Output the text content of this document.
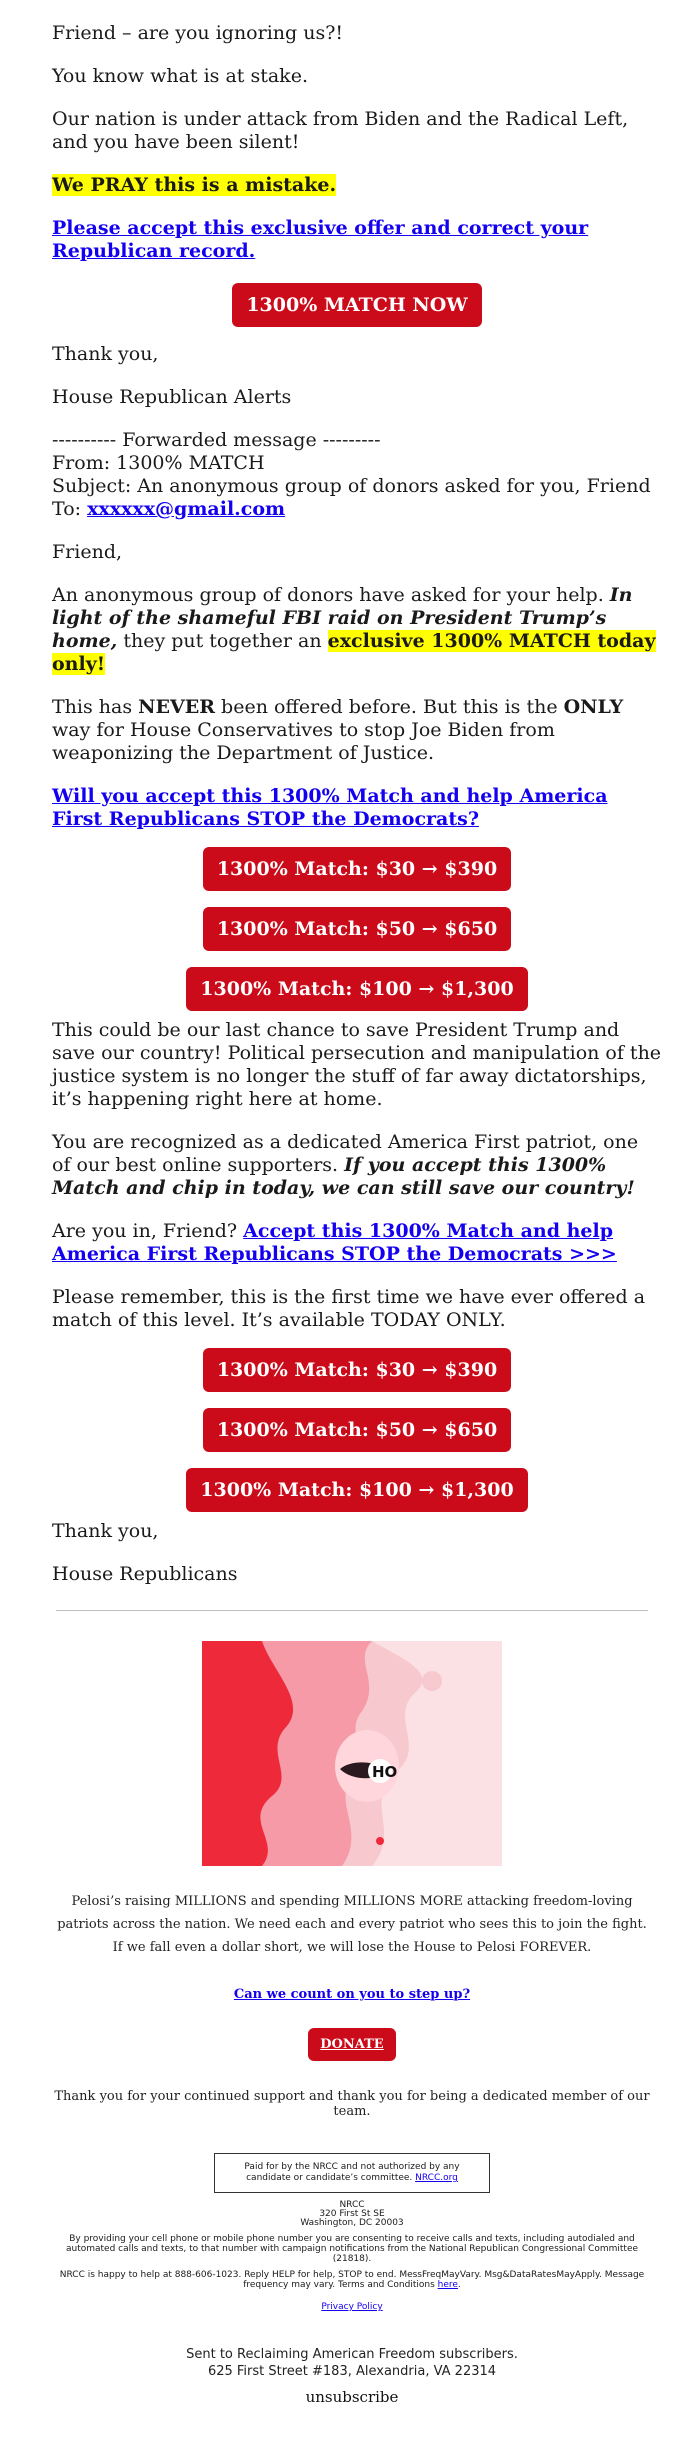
Friend – are you ignoring us?!

You know what is at stake.

Our nation is under attack from Biden and the Radical Left, and you have been silent!

We PRAY this is a mistake.

Please accept this exclusive offer and correct your Republican record.

1300% MATCH NOW

Thank you,

House Republican Alerts

---------- Forwarded message ---------

From: 1300% MATCH

Subject: An anonymous group of donors asked for you, Friend

To: xxxxxx@gmail.com

Friend,

An anonymous group of donors have asked for your help. In light of the shameful FBI raid on President Trump’s home, they put together an exclusive 1300% MATCH today only!

This has NEVER been offered before. But this is the ONLY way for House Conservatives to stop Joe Biden from weaponizing the Department of Justice.

Will you accept this 1300% Match and help America First Republicans STOP the Democrats?

1300% Match: $30 → $390
1300% Match: $50 → $650
1300% Match: $100 → $1,300

This could be our last chance to save President Trump and save our country! Political persecution and manipulation of the justice system is no longer the stuff of far away dictatorships, it’s happening right here at home.

You are recognized as a dedicated America First patriot, one of our best online supporters. If you accept this 1300% Match and chip in today, we can still save our country!

Are you in, Friend? Accept this 1300% Match and help America First Republicans STOP the Democrats >>>

Please remember, this is the first time we have ever offered a match of this level. It’s available TODAY ONLY.

1300% Match: $30 → $390
1300% Match: $50 → $650
1300% Match: $100 → $1,300

Thank you,

House Republicans

HO
Pelosi’s raising MILLIONS and spending MILLIONS MORE attacking freedom-loving patriots across the nation. We need each and every patriot who sees this to join the fight. If we fall even a dollar short, we will lose the House to Pelosi FOREVER.
Can we count on you to step up?
DONATE
Thank you for your continued support and thank you for being a dedicated member of our team.
Paid for by the NRCC and not authorized by any candidate or candidate’s committee. NRCC.org
NRCC
320 First St SE
Washington, DC 20003
By providing your cell phone or mobile phone number you are consenting to receive calls and texts, including autodialed and automated calls and texts, to that number with campaign notifications from the National Republican Congressional Committee (21818).
NRCC is happy to help at 888-606-1023. Reply HELP for help, STOP to end. MessFreqMayVary. Msg&DataRatesMayApply. Message frequency may vary. Terms and Conditions here.
Privacy Policy
Sent to Reclaiming American Freedom subscribers.
625 First Street #183, Alexandria, VA 22314
unsubscribe
